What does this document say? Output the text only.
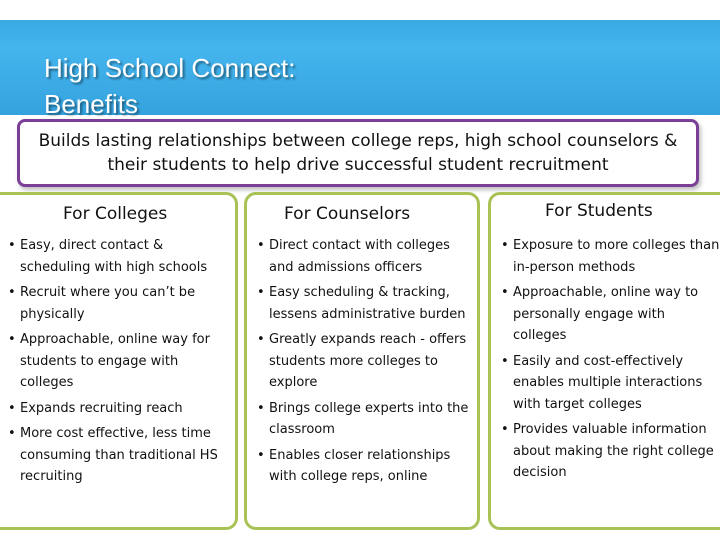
High School Connect:
Benefits

Builds lasting relationships between college reps, high school counselors & their students to help drive successful student recruitment

For Colleges
• Easy, direct contact & scheduling with high schools
• Recruit where you can’t be physically
• Approachable, online way for students to engage with colleges
• Expands recruiting reach
• More cost effective, less time consuming than traditional HS recruiting
For Counselors
• Direct contact with colleges and admissions officers
• Easy scheduling & tracking, lessens administrative burden
• Greatly expands reach - offers students more colleges to explore
• Brings college experts into the classroom
• Enables closer relationships with college reps, online
For Students
• Exposure to more colleges than in-person methods
• Approachable, online way to personally engage with colleges
• Easily and cost-effectively enables multiple interactions with target colleges
• Provides valuable information about making the right college decision
